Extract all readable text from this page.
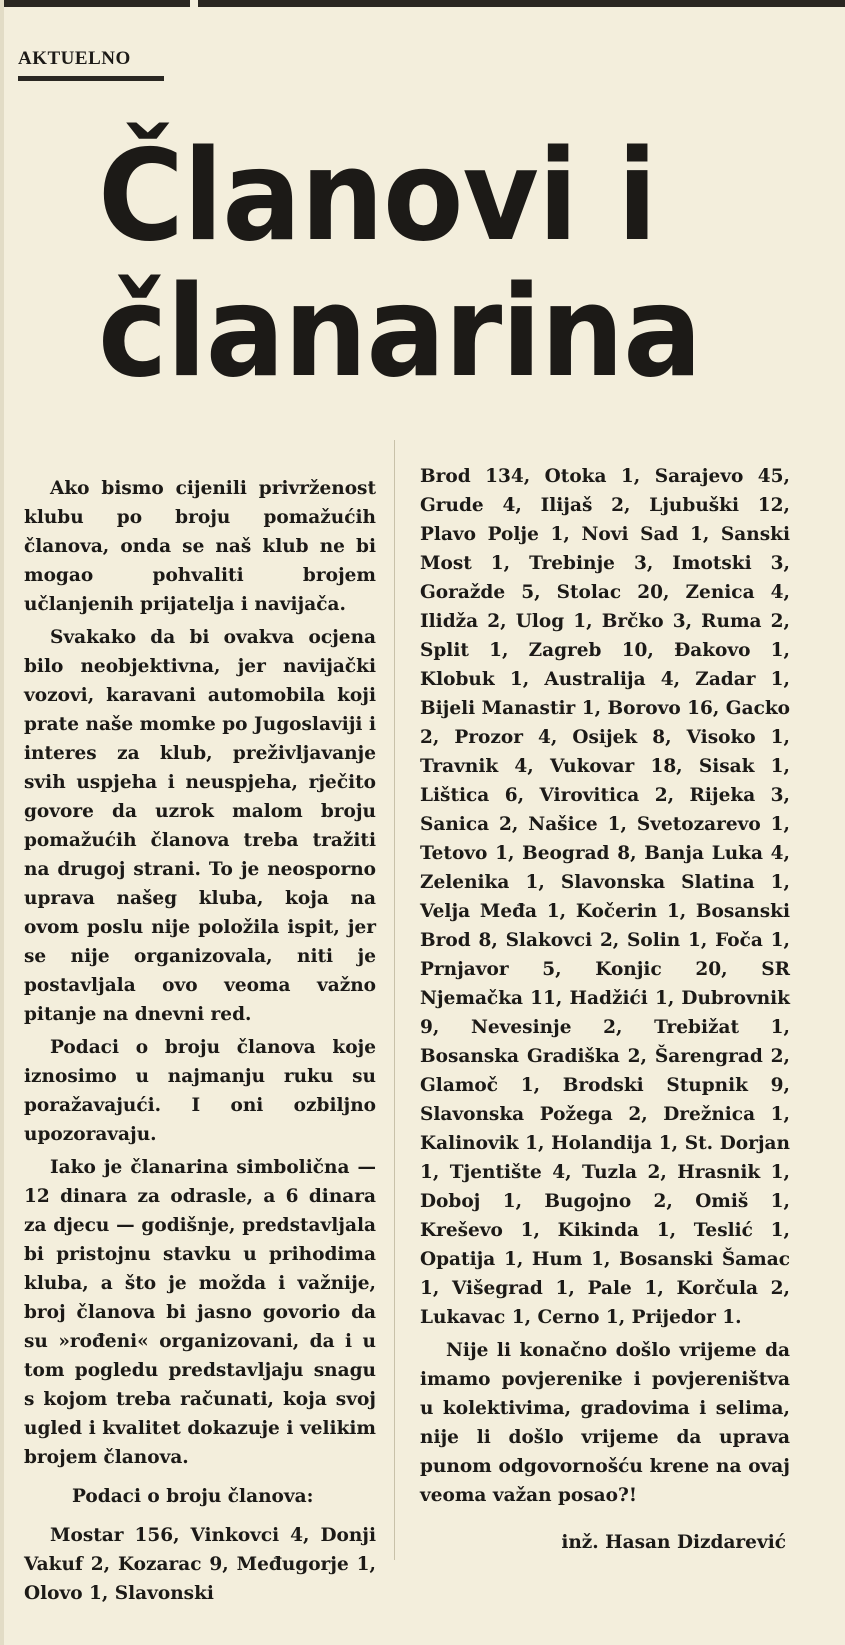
AKTUELNO
Članovi i
članarina

Ako bismo cijenili privrženost klubu po broju pomažućih članova, onda se naš klub ne bi mogao pohvaliti brojem učlanjenih prijatelja i navijača.

Svakako da bi ovakva ocjena bilo neobjektivna, jer navijački vozovi, karavani automobila koji prate naše momke po Jugoslaviji i interes za klub, preživljavanje svih uspjeha i neuspjeha, rječito govore da uzrok malom broju pomažućih članova treba tražiti na drugoj strani. To je neosporno uprava našeg kluba, koja na ovom poslu nije položila ispit, jer se nije organizovala, niti je postavljala ovo veoma važno pitanje na dnevni red.

Podaci o broju članova koje iznosimo u najmanju ruku su poražavajući. I oni ozbiljno upozoravaju.

Iako je članarina simbolična — 12 dinara za odrasle, a 6 dinara za djecu — godišnje, predstavljala bi pristojnu stavku u prihodima kluba, a što je možda i važnije, broj članova bi jasno govorio da su »rođeni« organizovani, da i u tom pogledu predstavljaju snagu s kojom treba računati, koja svoj ugled i kvalitet dokazuje i velikim brojem članova.

Podaci o broju članova:

Mostar 156, Vinkovci 4, Donji Vakuf 2, Kozarac 9, Međugorje 1, Olovo 1, Slavonski

Brod 134, Otoka 1, Sarajevo 45, Grude 4, Ilijaš 2, Ljubuški 12, Plavo Polje 1, Novi Sad 1, Sanski Most 1, Trebinje 3, Imotski 3, Goražde 5, Stolac 20, Zenica 4, Ilidža 2, Ulog 1, Brčko 3, Ruma 2, Split 1, Zagreb 10, Đakovo 1, Klobuk 1, Australija 4, Zadar 1, Bijeli Manastir 1, Borovo 16, Gacko 2, Prozor 4, Osijek 8, Visoko 1, Travnik 4, Vukovar 18, Sisak 1, Lištica 6, Virovitica 2, Rijeka 3, Sanica 2, Našice 1, Svetozarevo 1, Tetovo 1, Beograd 8, Banja Luka 4, Zelenika 1, Slavonska Slatina 1, Velja Međa 1, Kočerin 1, Bosanski Brod 8, Slakovci 2, Solin 1, Foča 1, Prnjavor 5, Konjic 20, SR Njemačka 11, Hadžići 1, Dubrovnik 9, Nevesinje 2, Trebižat 1, Bosanska Gradiška 2, Šarengrad 2, Glamoč 1, Brodski Stupnik 9, Slavonska Požega 2, Drežnica 1, Kalinovik 1, Holandija 1, St. Dorjan 1, Tjentište 4, Tuzla 2, Hrasnik 1, Doboj 1, Bugojno 2, Omiš 1, Kreševo 1, Kikinda 1, Teslić 1, Opatija 1, Hum 1, Bosanski Šamac 1, Višegrad 1, Pale 1, Korčula 2, Lukavac 1, Cerno 1, Prijedor 1.

Nije li konačno došlo vrijeme da imamo povjerenike i povjereništva u kolektivima, gradovima i selima, nije li došlo vrijeme da uprava punom odgovornošću krene na ovaj veoma važan posao?!

inž. Hasan Dizdarević
